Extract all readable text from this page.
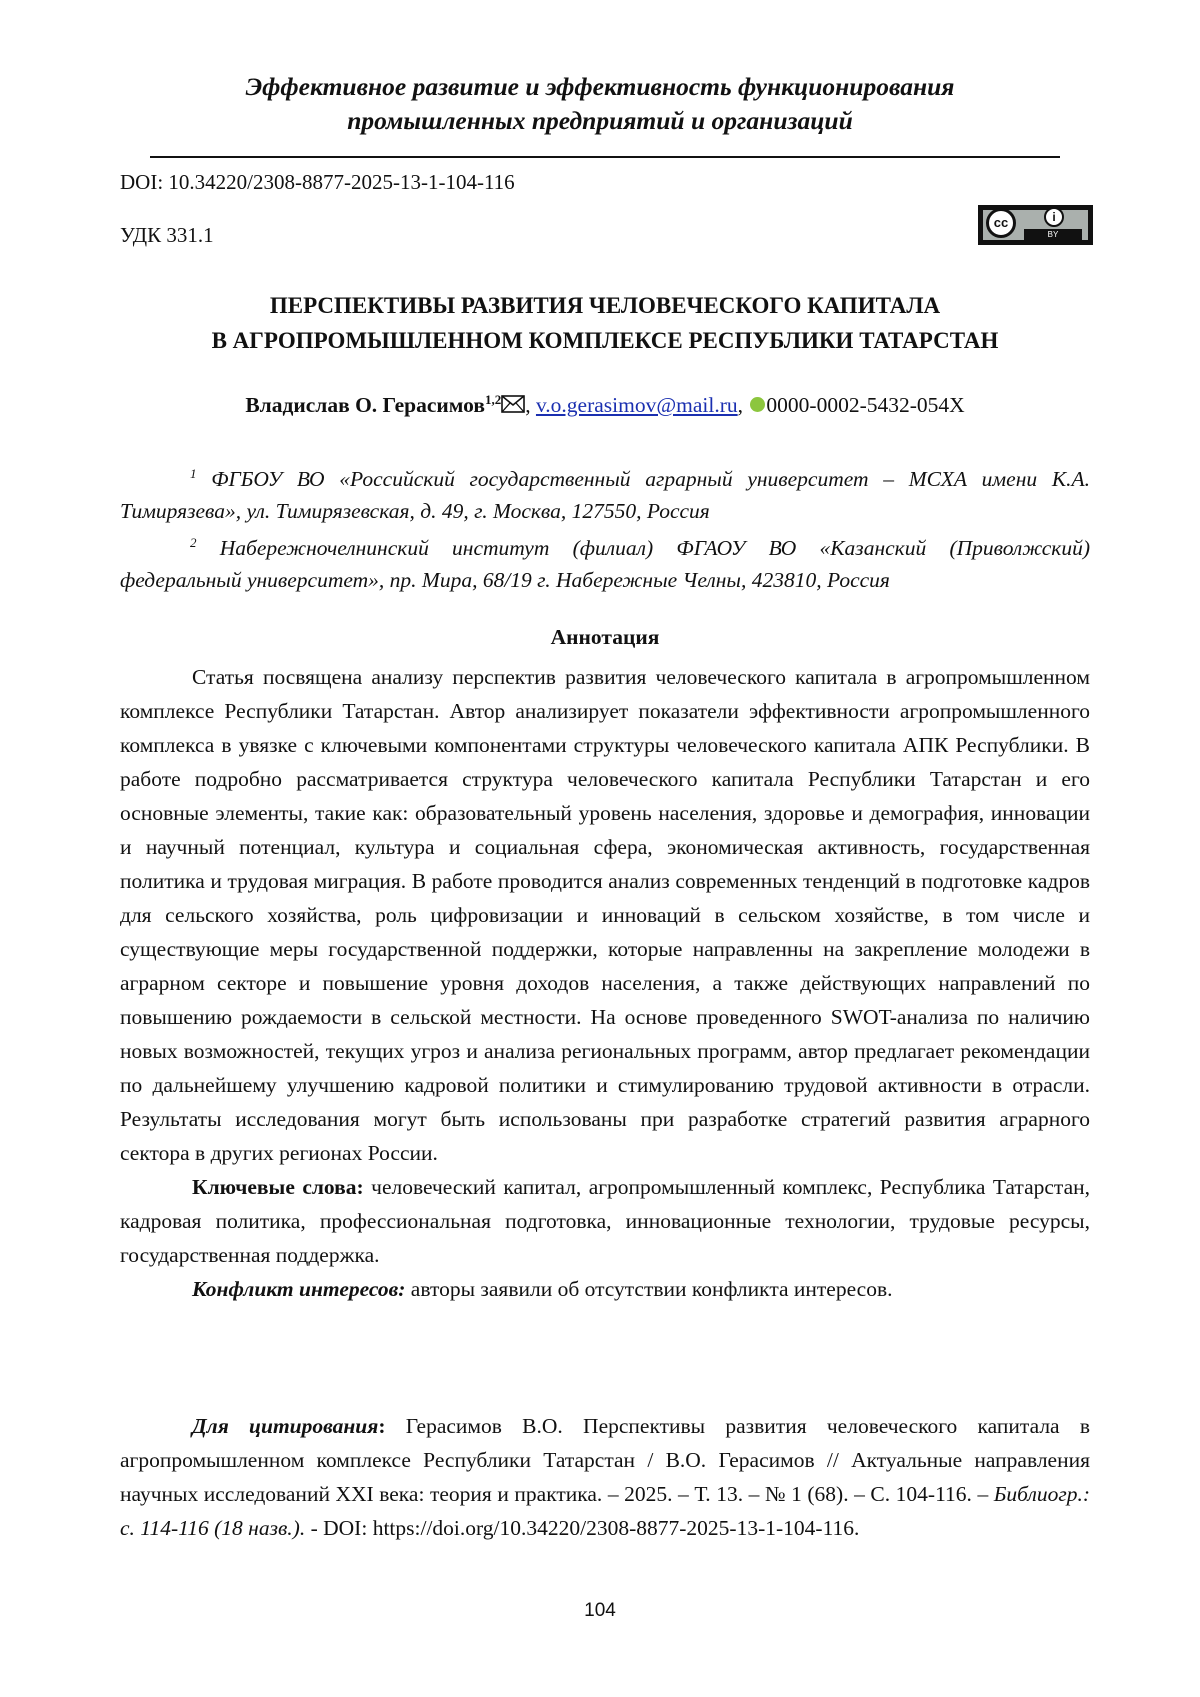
Эффективное развитие и эффективность функционирования
промышленных предприятий и организаций
DOI: 10.34220/2308-8877-2025-13-1-104-116
УДК 331.1
cc	i
BY
ПЕРСПЕКТИВЫ РАЗВИТИЯ ЧЕЛОВЕЧЕСКОГО КАПИТАЛА
В АГРОПРОМЫШЛЕННОМ КОМПЛЕКСЕ РЕСПУБЛИКИ ТАТАРСТАН
Владислав О. Герасимов1,2 , v.o.gerasimov@mail.ru, 0000-0002-5432-054X

1 ФГБОУ ВО «Российский государственный аграрный университет – МСХА имени К.А. Тимирязева», ул. Тимирязевская, д. 49, г. Москва, 127550, Россия

2 Набережночелнинский институт (филиал) ФГАОУ ВО «Казанский (Приволжский) федеральный университет», пр. Мира, 68/19 г. Набережные Челны, 423810, Россия

Аннотация

Статья посвящена анализу перспектив развития человеческого капитала в агропромышленном комплексе Республики Татарстан. Автор анализирует показатели эффективности агропромышленного комплекса в увязке с ключевыми компонентами структуры человеческого капитала АПК Республики. В работе подробно рассматривается структура человеческого капитала Республики Татарстан и его основные элементы, такие как: образовательный уровень населения, здоровье и демография, инновации и научный потенциал, культура и социальная сфера, экономическая активность, государственная политика и трудовая миграция. В работе проводится анализ современных тенденций в подготовке кадров для сельского хозяйства, роль цифровизации и инноваций в сельском хозяйстве, в том числе и существующие меры государственной поддержки, которые направленны на закрепление молодежи в аграрном секторе и повышение уровня доходов населения, а также действующих направлений по повышению рождаемости в сельской местности. На основе проведенного SWOT-анализа по наличию новых возможностей, текущих угроз и анализа региональных программ, автор предлагает рекомендации по дальнейшему улучшению кадровой политики и стимулированию трудовой активности в отрасли. Результаты исследования могут быть использованы при разработке стратегий развития аграрного сектора в других регионах России.

Ключевые слова: человеческий капитал, агропромышленный комплекс, Республика Татарстан, кадровая политика, профессиональная подготовка, инновационные технологии, трудовые ресурсы, государственная поддержка.

Конфликт интересов: авторы заявили об отсутствии конфликта интересов.

Для цитирования: Герасимов В.О. Перспективы развития человеческого капитала в агропромышленном комплексе Республики Татарстан / В.О. Герасимов // Актуальные направления научных исследований XXI века: теория и практика. – 2025. – Т. 13. – № 1 (68). – С. 104-116. – Библиогр.: с. 114-116 (18 назв.). - DOI: https://doi.org/10.34220/2308-8877-2025-13-1-104-116.

104
